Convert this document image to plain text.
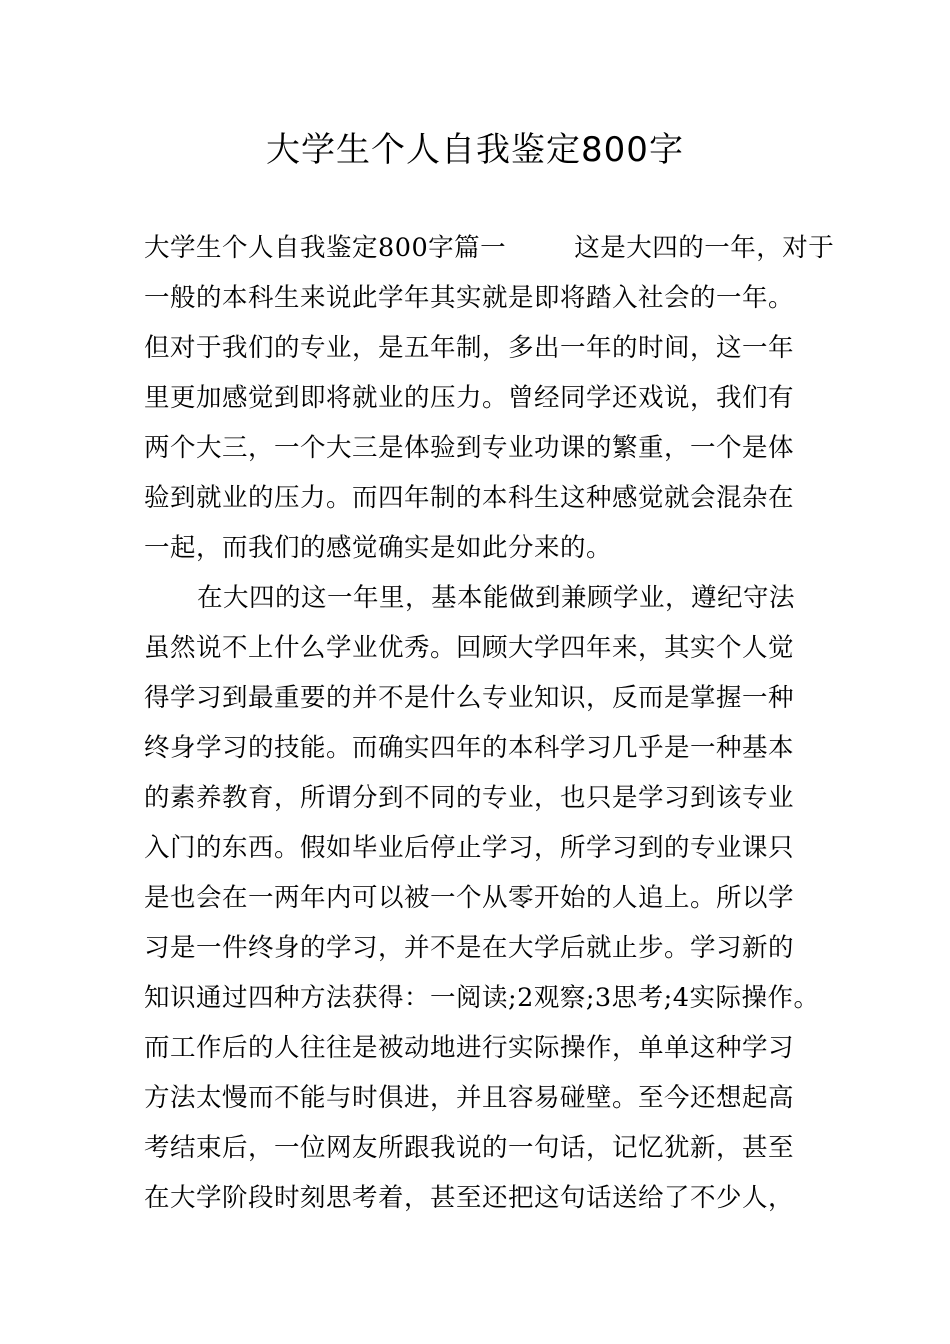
大学生个人自我鉴定800字
大学生个人自我鉴定800字篇一	这是大四的一年，对于
一般的本科生来说此学年其实就是即将踏入社会的一年。
但对于我们的专业，是五年制，多出一年的时间，这一年
里更加感觉到即将就业的压力。曾经同学还戏说，我们有
两个大三，一个大三是体验到专业功课的繁重，一个是体
验到就业的压力。而四年制的本科生这种感觉就会混杂在
一起，而我们的感觉确实是如此分来的。
在大四的这一年里，基本能做到兼顾学业，遵纪守法
虽然说不上什么学业优秀。回顾大学四年来，其实个人觉
得学习到最重要的并不是什么专业知识，反而是掌握一种
终身学习的技能。而确实四年的本科学习几乎是一种基本
的素养教育，所谓分到不同的专业，也只是学习到该专业
入门的东西。假如毕业后停止学习，所学习到的专业课只
是也会在一两年内可以被一个从零开始的人追上。所以学
习是一件终身的学习，并不是在大学后就止步。学习新的
知识通过四种方法获得：一阅读;2观察;3思考;4实际操作。
而工作后的人往往是被动地进行实际操作，单单这种学习
方法太慢而不能与时俱进，并且容易碰壁。至今还想起高
考结束后，一位网友所跟我说的一句话，记忆犹新，甚至
在大学阶段时刻思考着，甚至还把这句话送给了不少人，
